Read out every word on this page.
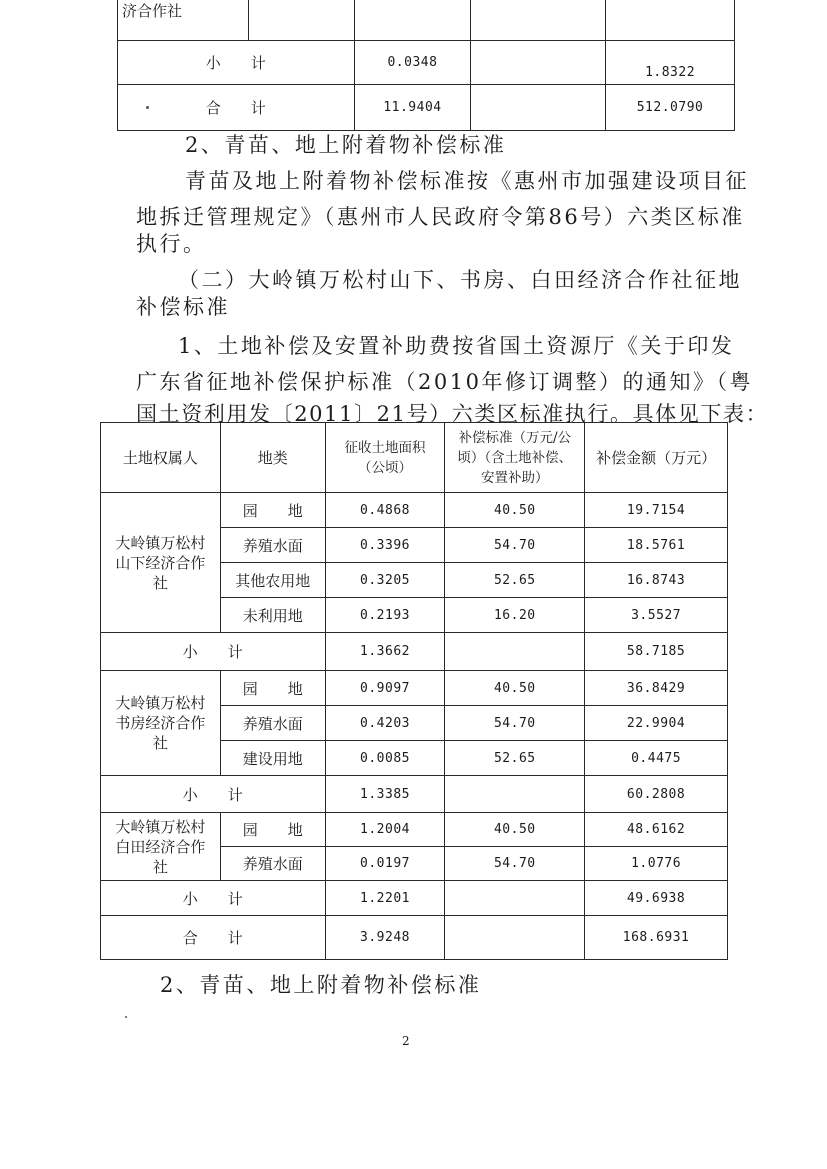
济合作社				
小　　计		0.0348		1.8322
合　　计		11.9404		512.0790
2、青苗、地上附着物补偿标准
青苗及地上附着物补偿标准按《惠州市加强建设项目征
地拆迁管理规定》（惠州市人民政府令第86号）六类区标准
执行。
（二）大岭镇万松村山下、书房、白田经济合作社征地
补偿标准
1、土地补偿及安置补助费按省国土资源厅《关于印发
广东省征地补偿保护标准（2010年修订调整）的通知》（粤
国土资利用发〔2011〕21号）六类区标准执行。具体见下表：
土地权属人	地类	征收土地面积（公顷）	补偿标准（万元/公顷）（含土地补偿、安置补助）	补偿金额（万元）
大岭镇万松村山下经济合作社	园　　地	0.4868	40.50	19.7154
	养殖水面	0.3396	54.70	18.5761
	其他农用地	0.3205	52.65	16.8743
	未利用地	0.2193	16.20	3.5527
小　　计		1.3662		58.7185
大岭镇万松村书房经济合作社	园　　地	0.9097	40.50	36.8429
	养殖水面	0.4203	54.70	22.9904
	建设用地	0.0085	52.65	0.4475
小　　计		1.3385		60.2808
大岭镇万松村白田经济合作社	园　　地	1.2004	40.50	48.6162
	养殖水面	0.0197	54.70	1.0776
小　　计		1.2201		49.6938
合　　计		3.9248		168.6931
2、青苗、地上附着物补偿标准
2
